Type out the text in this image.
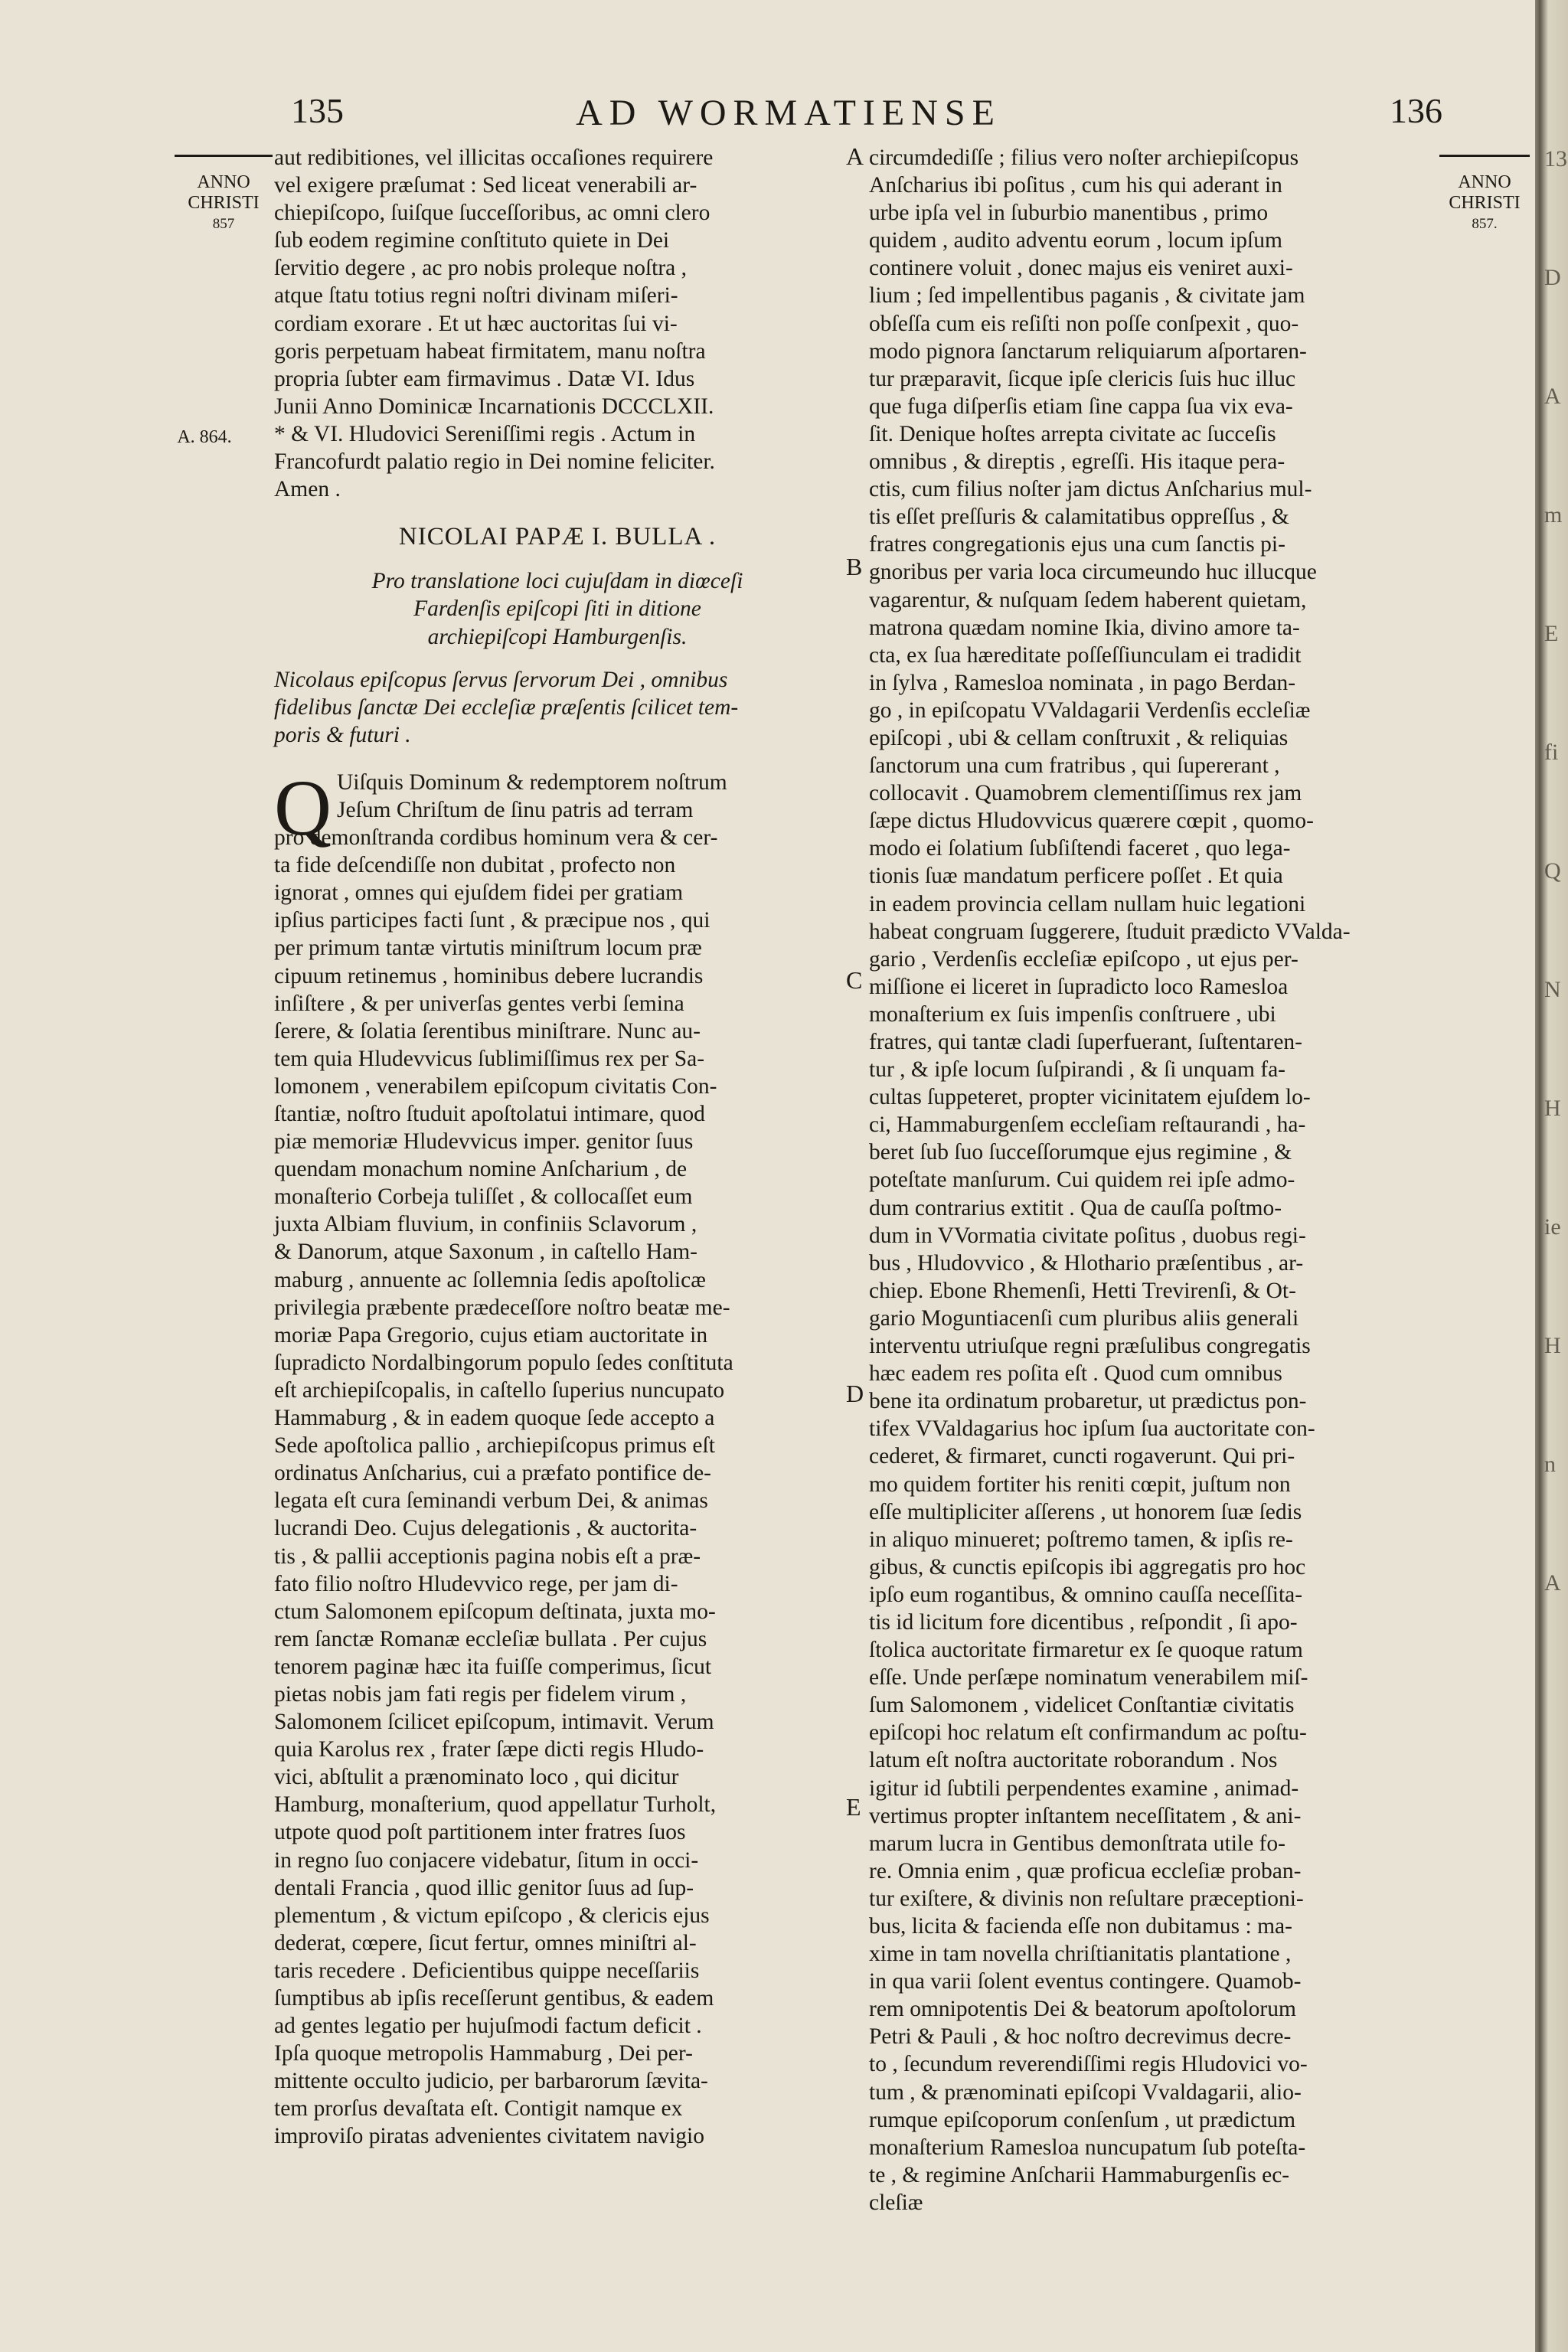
135	AD WORMATIENSE	136
ANNO
CHRISTI
857
A. 864.
ANNO
CHRISTI
857.
A
B
C
D
E
aut redibitiones, vel illicitas occaſiones requirere
vel exigere præſumat : Sed liceat venerabili ar-
chiepiſcopo, ſuiſque ſucceſſoribus, ac omni clero
ſub eodem regimine conſtituto quiete in Dei
ſervitio degere , ac pro nobis proleque noſtra ,
atque ſtatu totius regni noſtri divinam miſeri-
cordiam exorare . Et ut hæc auctoritas ſui vi-
goris perpetuam habeat firmitatem, manu noſtra
propria ſubter eam firmavimus . Datæ VI. Idus
Junii Anno Dominicæ Incarnationis DCCCLXII.
* & VI. Hludovici Sereniſſimi regis . Actum in
Francofurdt palatio regio in Dei nomine feliciter.
Amen .
NICOLAI PAPÆ I. BULLA .
Pro translatione loci cujuſdam in diœceſi
Fardenſis epiſcopi ſiti in ditione
archiepiſcopi Hamburgenſis.
Nicolaus epiſcopus ſervus ſervorum Dei , omnibus
fidelibus ſanctæ Dei eccleſiæ præſentis ſcilicet tem-
poris & futuri .
Q Uiſquis Dominum & redemptorem noſtrum
Jeſum Chriſtum de ſinu patris ad terram
pro demonſtranda cordibus hominum vera & cer-
ta fide deſcendiſſe non dubitat , profecto non
ignorat , omnes qui ejuſdem fidei per gratiam
ipſius participes facti ſunt , & præcipue nos , qui
per primum tantæ virtutis miniſtrum locum præ
cipuum retinemus , hominibus debere lucrandis
inſiſtere , & per univerſas gentes verbi ſemina
ſerere, & ſolatia ſerentibus miniſtrare. Nunc au-
tem quia Hludevvicus ſublimiſſimus rex per Sa-
lomonem , venerabilem epiſcopum civitatis Con-
ſtantiæ, noſtro ſtuduit apoſtolatui intimare, quod
piæ memoriæ Hludevvicus imper. genitor ſuus
quendam monachum nomine Anſcharium , de
monaſterio Corbeja tuliſſet , & collocaſſet eum
juxta Albiam fluvium, in confiniis Sclavorum ,
& Danorum, atque Saxonum , in caſtello Ham-
maburg , annuente ac ſollemnia ſedis apoſtolicæ
privilegia præbente prædeceſſore noſtro beatæ me-
moriæ Papa Gregorio, cujus etiam auctoritate in
ſupradicto Nordalbingorum populo ſedes conſtituta
eſt archiepiſcopalis, in caſtello ſuperius nuncupato
Hammaburg , & in eadem quoque ſede accepto a
Sede apoſtolica pallio , archiepiſcopus primus eſt
ordinatus Anſcharius, cui a præfato pontifice de-
legata eſt cura ſeminandi verbum Dei, & animas
lucrandi Deo. Cujus delegationis , & auctorita-
tis , & pallii acceptionis pagina nobis eſt a præ-
fato filio noſtro Hludevvico rege, per jam di-
ctum Salomonem epiſcopum deſtinata, juxta mo-
rem ſanctæ Romanæ eccleſiæ bullata . Per cujus
tenorem paginæ hæc ita fuiſſe comperimus, ſicut
pietas nobis jam fati regis per fidelem virum ,
Salomonem ſcilicet epiſcopum, intimavit. Verum
quia Karolus rex , frater ſæpe dicti regis Hludo-
vici, abſtulit a prænominato loco , qui dicitur
Hamburg, monaſterium, quod appellatur Turholt,
utpote quod poſt partitionem inter fratres ſuos
in regno ſuo conjacere videbatur, ſitum in occi-
dentali Francia , quod illic genitor ſuus ad ſup-
plementum , & victum epiſcopo , & clericis ejus
dederat, cœpere, ſicut fertur, omnes miniſtri al-
taris recedere . Deficientibus quippe neceſſariis
ſumptibus ab ipſis receſſerunt gentibus, & eadem
ad gentes legatio per hujuſmodi factum deficit .
Ipſa quoque metropolis Hammaburg , Dei per-
mittente occulto judicio, per barbarorum ſævita-
tem prorſus devaſtata eſt. Contigit namque ex
improviſo piratas advenientes civitatem navigio
circumdediſſe ; filius vero noſter archiepiſcopus
Anſcharius ibi poſitus , cum his qui aderant in
urbe ipſa vel in ſuburbio manentibus , primo
quidem , audito adventu eorum , locum ipſum
continere voluit , donec majus eis veniret auxi-
lium ; ſed impellentibus paganis , & civitate jam
obſeſſa cum eis reſiſti non poſſe conſpexit , quo-
modo pignora ſanctarum reliquiarum aſportaren-
tur præparavit, ſicque ipſe clericis ſuis huc illuc
que fuga diſperſis etiam ſine cappa ſua vix eva-
ſit. Denique hoſtes arrepta civitate ac ſucceſis
omnibus , & direptis , egreſſi. His itaque pera-
ctis, cum filius noſter jam dictus Anſcharius mul-
tis eſſet preſſuris & calamitatibus oppreſſus , &
fratres congregationis ejus una cum ſanctis pi-
gnoribus per varia loca circumeundo huc illucque
vagarentur, & nuſquam ſedem haberent quietam,
matrona quædam nomine Ikia, divino amore ta-
cta, ex ſua hæreditate poſſeſſiunculam ei tradidit
in ſylva , Ramesloa nominata , in pago Berdan-
go , in epiſcopatu VValdagarii Verdenſis eccleſiæ
epiſcopi , ubi & cellam conſtruxit , & reliquias
ſanctorum una cum fratribus , qui ſupererant ,
collocavit . Quamobrem clementiſſimus rex jam
ſæpe dictus Hludovvicus quærere cœpit , quomo-
modo ei ſolatium ſubſiſtendi faceret , quo lega-
tionis ſuæ mandatum perficere poſſet . Et quia
in eadem provincia cellam nullam huic legationi
habeat congruam ſuggerere, ſtuduit prædicto VValda-
gario , Verdenſis eccleſiæ epiſcopo , ut ejus per-
miſſione ei liceret in ſupradicto loco Ramesloa
monaſterium ex ſuis impenſis conſtruere , ubi
fratres, qui tantæ cladi ſuperfuerant, ſuſtentaren-
tur , & ipſe locum ſuſpirandi , & ſi unquam fa-
cultas ſuppeteret, propter vicinitatem ejuſdem lo-
ci, Hammaburgenſem eccleſiam reſtaurandi , ha-
beret ſub ſuo ſucceſſorumque ejus regimine , &
poteſtate manſurum. Cui quidem rei ipſe admo-
dum contrarius extitit . Qua de cauſſa poſtmo-
dum in VVormatia civitate poſitus , duobus regi-
bus , Hludovvico , & Hlothario præſentibus , ar-
chiep. Ebone Rhemenſi, Hetti Trevirenſi, & Ot-
gario Moguntiacenſi cum pluribus aliis generali
interventu utriuſque regni præſulibus congregatis
hæc eadem res poſita eſt . Quod cum omnibus
bene ita ordinatum probaretur, ut prædictus pon-
tifex VValdagarius hoc ipſum ſua auctoritate con-
cederet, & firmaret, cuncti rogaverunt. Qui pri-
mo quidem fortiter his reniti cœpit, juſtum non
eſſe multipliciter aſſerens , ut honorem ſuæ ſedis
in aliquo minueret; poſtremo tamen, & ipſis re-
gibus, & cunctis epiſcopis ibi aggregatis pro hoc
ipſo eum rogantibus, & omnino cauſſa neceſſita-
tis id licitum fore dicentibus , reſpondit , ſi apo-
ſtolica auctoritate firmaretur ex ſe quoque ratum
eſſe. Unde perſæpe nominatum venerabilem miſ-
ſum Salomonem , videlicet Conſtantiæ civitatis
epiſcopi hoc relatum eſt confirmandum ac poſtu-
latum eſt noſtra auctoritate roborandum . Nos
igitur id ſubtili perpendentes examine , animad-
vertimus propter inſtantem neceſſitatem , & ani-
marum lucra in Gentibus demonſtrata utile fo-
re. Omnia enim , quæ proficua eccleſiæ proban-
tur exiſtere, & divinis non reſultare præceptioni-
bus, licita & facienda eſſe non dubitamus : ma-
xime in tam novella chriſtianitatis plantatione ,
in qua varii ſolent eventus contingere. Quamob-
rem omnipotentis Dei & beatorum apoſtolorum
Petri & Pauli , & hoc noſtro decrevimus decre-
to , ſecundum reverendiſſimi regis Hludovici vo-
tum , & prænominati epiſcopi Vvaldagarii, alio-
rumque epiſcoporum conſenſum , ut prædictum
monaſterium Ramesloa nuncupatum ſub poteſta-
te , & regimine Anſcharii Hammaburgenſis ec-
cleſiæ
13
D
A
m
E
fi
Q
N
H
ie
H
n
A
